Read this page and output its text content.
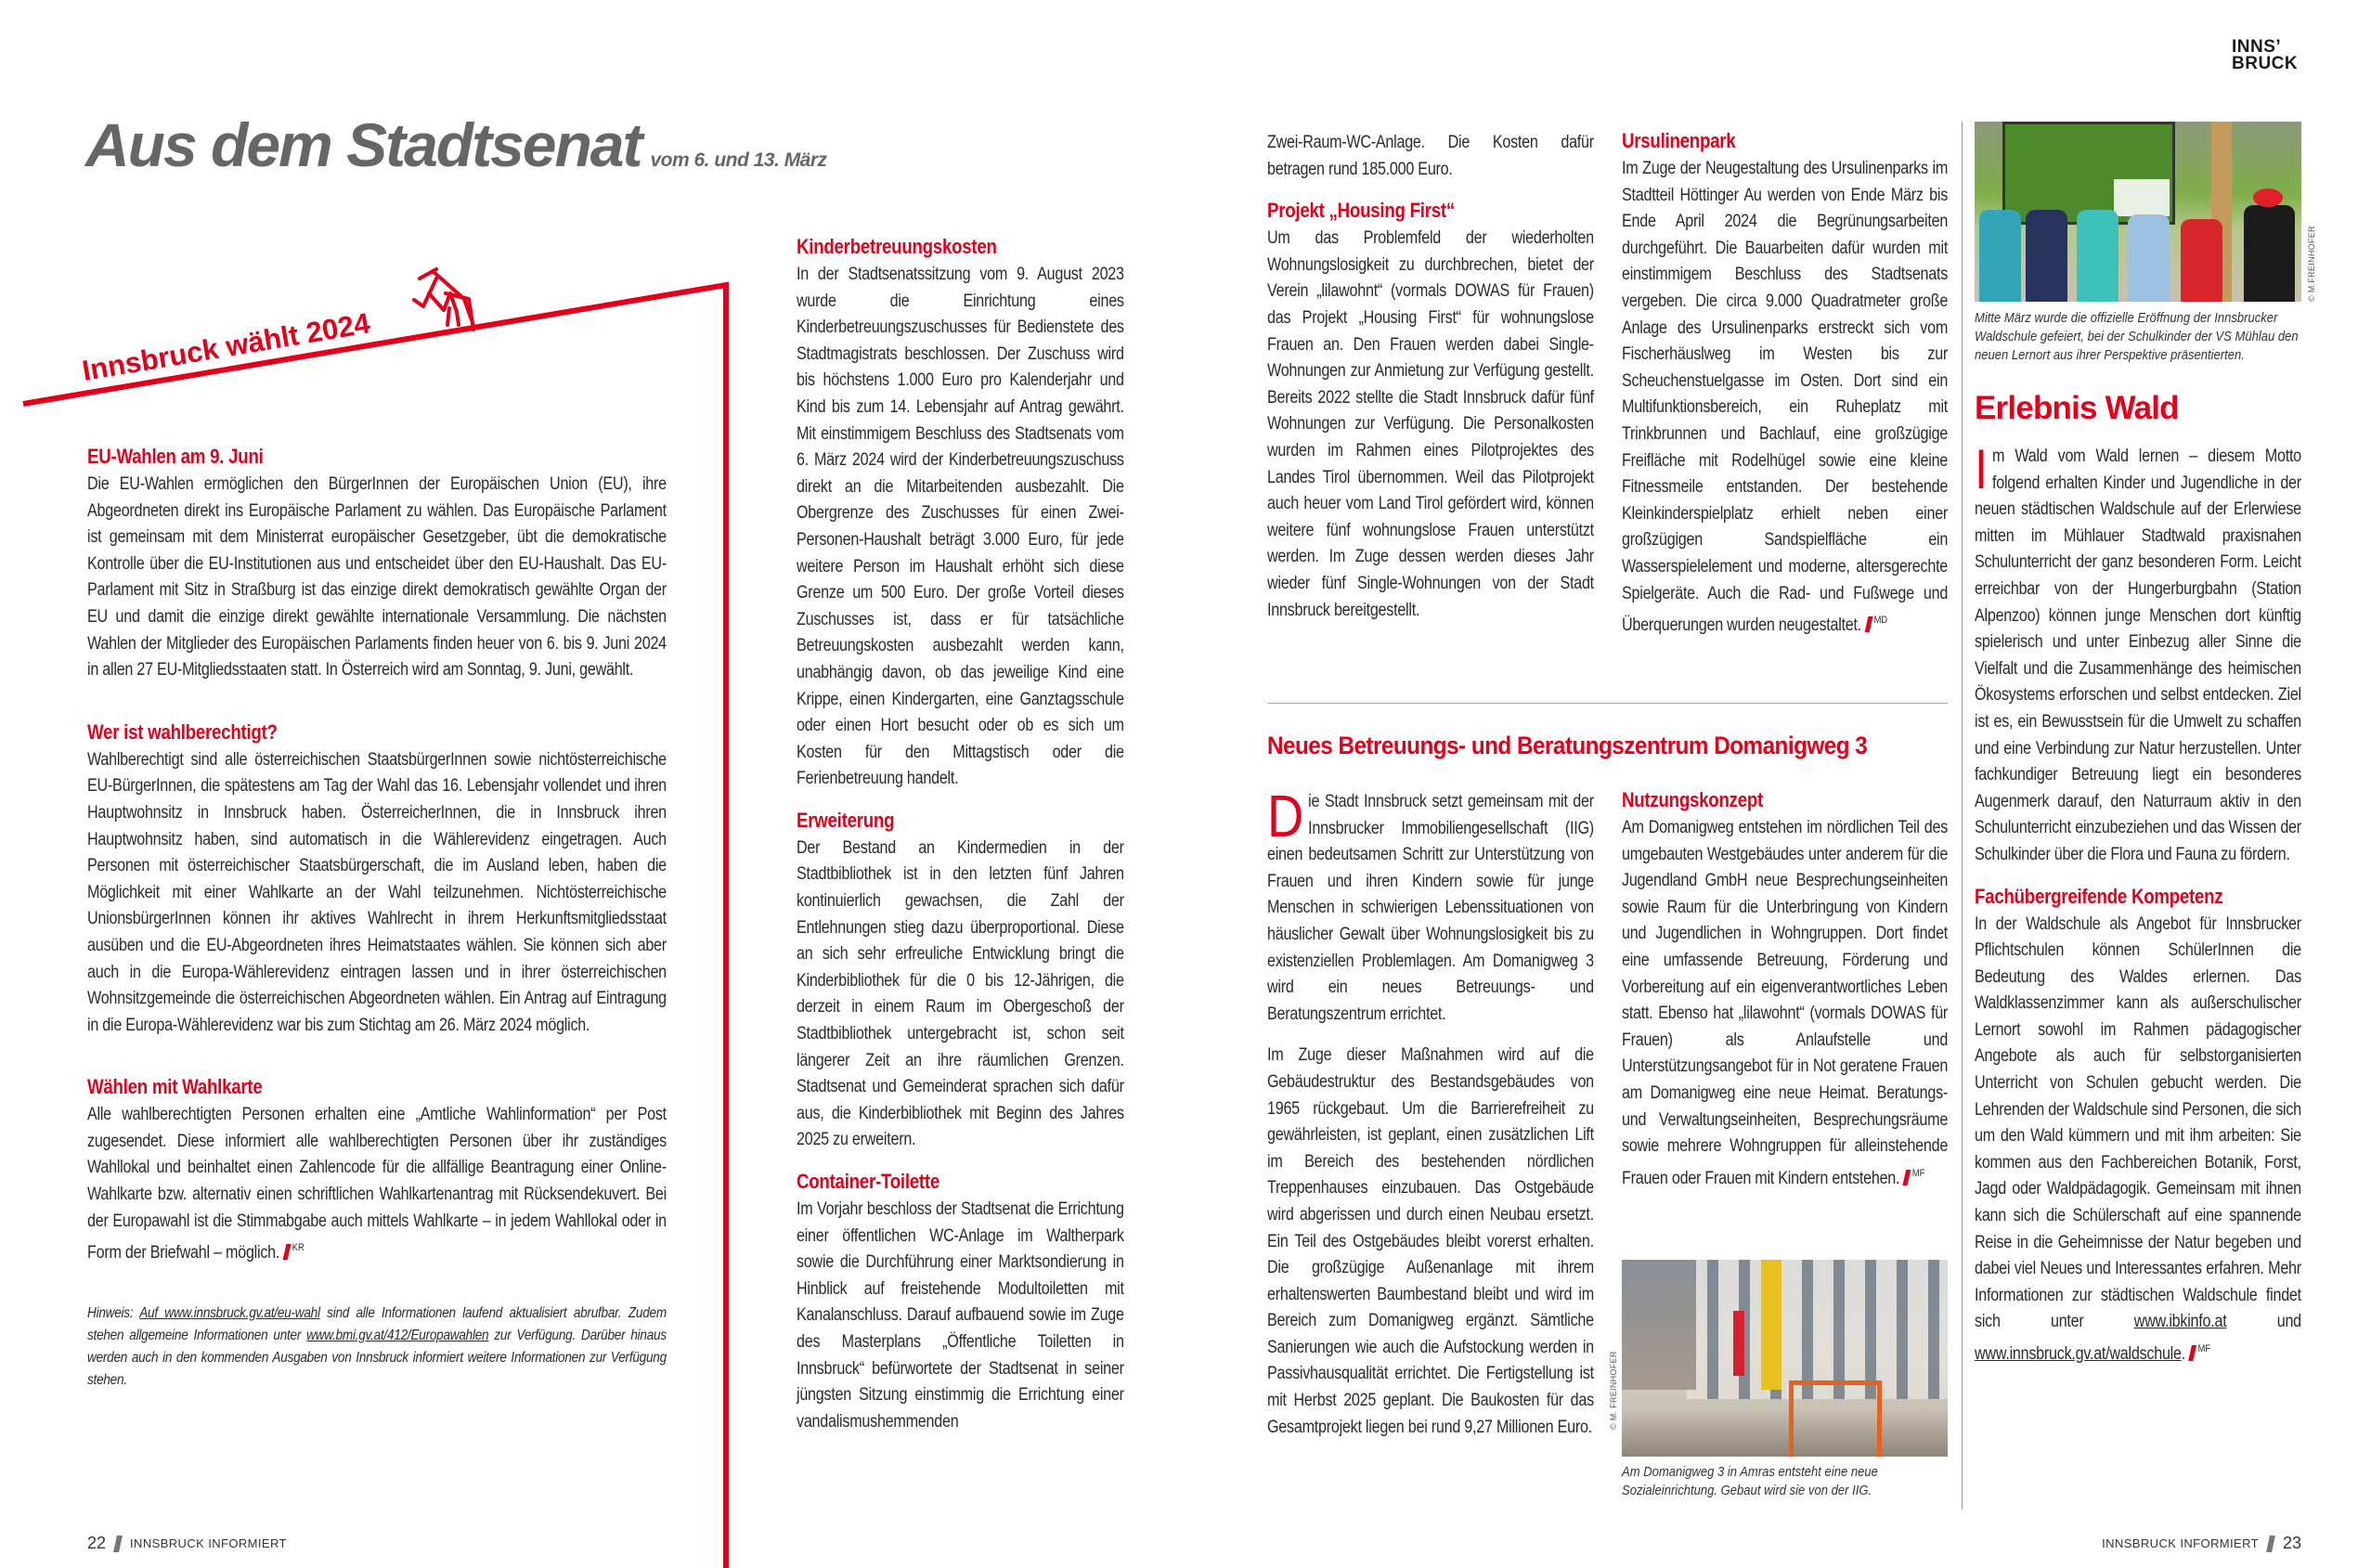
Aus dem Stadtsenat vom 6. und 13. März
INNS’
BRUCK
Innsbruck wählt 2024
EU-Wahlen am 9. Juni

Die EU-Wahlen ermöglichen den BürgerInnen der Europäischen Union (EU), ihre Abgeordneten direkt ins Europäische Parlament zu wählen. Das Europäische Parlament ist gemeinsam mit dem Ministerrat europäischer Gesetzgeber, übt die demokratische Kontrolle über die EU-Institutionen aus und entscheidet über den EU-Haushalt. Das EU-Parlament mit Sitz in Straßburg ist das einzige direkt demokratisch gewählte Organ der EU und damit die einzige direkt gewählte internationale Versammlung. Die nächsten Wahlen der Mitglieder des Europäischen Parlaments finden heuer von 6. bis 9. Juni 2024 in allen 27 EU-Mitgliedsstaaten statt. In Österreich wird am Sonntag, 9. Juni, gewählt.

Wer ist wahlberechtigt?

Wahlberechtigt sind alle österreichischen StaatsbürgerInnen sowie nichtösterreichische EU-BürgerInnen, die spätestens am Tag der Wahl das 16. Lebensjahr vollendet und ihren Hauptwohnsitz in Innsbruck haben. ÖsterreicherInnen, die in Innsbruck ihren Hauptwohnsitz haben, sind automatisch in die Wählerevidenz eingetragen. Auch Personen mit österreichischer Staatsbürgerschaft, die im Ausland leben, haben die Möglichkeit mit einer Wahlkarte an der Wahl teilzunehmen. Nichtösterreichische UnionsbürgerInnen können ihr aktives Wahlrecht in ihrem Herkunftsmitgliedsstaat ausüben und die EU-Abgeordneten ihres Heimatstaates wählen. Sie können sich aber auch in die Europa-Wählerevidenz eintragen lassen und in ihrer österreichischen Wohnsitzgemeinde die österreichischen Abgeordneten wählen. Ein Antrag auf Eintragung in die Europa-Wählerevidenz war bis zum Stichtag am 26. März 2024 möglich.

Wählen mit Wahlkarte

Alle wahlberechtigten Personen erhalten eine „Amtliche Wahlinformation“ per Post zugesendet. Diese informiert alle wahlberechtigten Personen über ihr zuständiges Wahllokal und beinhaltet einen Zahlencode für die allfällige Beantragung einer Online-Wahlkarte bzw. alternativ einen schriftlichen Wahlkartenantrag mit Rücksendekuvert. Bei der Europawahl ist die Stimmabgabe auch mittels Wahlkarte – in jedem Wahllokal oder in Form der Briefwahl – möglich. $^{KR}$

Hinweis: Auf www.innsbruck.gv.at/eu-wahl sind alle Informationen laufend aktualisiert abrufbar. Zudem stehen allgemeine Informationen unter www.bmi.gv.at/412/Europawahlen zur Verfügung. Darüber hinaus werden auch in den kommenden Ausgaben von Innsbruck informiert weitere Informationen zur Verfügung stehen.

Kinderbetreuungskosten

In der Stadtsenatssitzung vom 9. August 2023 wurde die Einrichtung eines Kinderbetreuungszuschusses für Bedienstete des Stadtmagistrats beschlossen. Der Zuschuss wird bis höchstens 1.000 Euro pro Kalenderjahr und Kind bis zum 14. Lebensjahr auf Antrag gewährt. Mit einstimmigem Beschluss des Stadtsenats vom 6. März 2024 wird der Kinderbetreuungszuschuss direkt an die Mitarbeitenden ausbezahlt. Die Obergrenze des Zuschusses für einen Zwei-Personen-Haushalt beträgt 3.000 Euro, für jede weitere Person im Haushalt erhöht sich diese Grenze um 500 Euro. Der große Vorteil dieses Zuschusses ist, dass er für tatsächliche Betreuungskosten ausbezahlt werden kann, unabhängig davon, ob das jeweilige Kind eine Krippe, einen Kindergarten, eine Ganztagsschule oder einen Hort besucht oder ob es sich um Kosten für den Mittagstisch oder die Ferienbetreuung handelt.

Erweiterung

Der Bestand an Kindermedien in der Stadtbibliothek ist in den letzten fünf Jahren kontinuierlich gewachsen, die Zahl der Entlehnungen stieg dazu überproportional. Diese an sich sehr erfreuliche Entwicklung bringt die Kinderbibliothek für die 0 bis 12-Jährigen, die derzeit in einem Raum im Obergeschoß der Stadtbibliothek untergebracht ist, schon seit längerer Zeit an ihre räumlichen Grenzen. Stadtsenat und Gemeinderat sprachen sich dafür aus, die Kinderbibliothek mit Beginn des Jahres 2025 zu erweitern.

Container-Toilette

Im Vorjahr beschloss der Stadtsenat die Errichtung einer öffentlichen WC-Anlage im Waltherpark sowie die Durchführung einer Marktsondierung in Hinblick auf freistehende Modultoiletten mit Kanalanschluss. Darauf aufbauend sowie im Zuge des Masterplans „Öffentliche Toiletten in Innsbruck“ befürwortete der Stadtsenat in seiner jüngsten Sitzung einstimmig die Errichtung einer vandalismushemmenden

Zwei-Raum-WC-Anlage. Die Kosten dafür betragen rund 185.000 Euro.

Projekt „Housing First“

Um das Problemfeld der wiederholten Wohnungslosigkeit zu durchbrechen, bietet der Verein „lilawohnt“ (vormals DOWAS für Frauen) das Projekt „Housing First“ für wohnungslose Frauen an. Den Frauen werden dabei Single-Wohnungen zur Anmietung zur Verfügung gestellt. Bereits 2022 stellte die Stadt Innsbruck dafür fünf Wohnungen zur Verfügung. Die Personalkosten wurden im Rahmen eines Pilotprojektes des Landes Tirol übernommen. Weil das Pilotprojekt auch heuer vom Land Tirol gefördert wird, können weitere fünf wohnungslose Frauen unterstützt werden. Im Zuge dessen werden dieses Jahr wieder fünf Single-Wohnungen von der Stadt Innsbruck bereitgestellt.

Ursulinenpark

Im Zuge der Neugestaltung des Ursulinenparks im Stadtteil Höttinger Au werden von Ende März bis Ende April 2024 die Begrünungsarbeiten durchgeführt. Die Bauarbeiten dafür wurden mit einstimmigem Beschluss des Stadtsenats vergeben. Die circa 9.000 Quadratmeter große Anlage des Ursulinenparks erstreckt sich vom Fischerhäuslweg im Westen bis zur Scheuchenstuelgasse im Osten. Dort sind ein Multifunktionsbereich, ein Ruheplatz mit Trinkbrunnen und Bachlauf, eine großzügige Freifläche mit Rodelhügel sowie eine kleine Fitnessmeile entstanden. Der bestehende Kleinkinderspielplatz erhielt neben einer großzügigen Sandspielfläche ein Wasserspielelement und moderne, altersgerechte Spielgeräte. Auch die Rad- und Fußwege und Überquerungen wurden neugestaltet. $^{MD}$

Neues Betreuungs- und Beratungszentrum Domanigweg 3

Die Stadt Innsbruck setzt gemeinsam mit der Innsbrucker Immobiliengesellschaft (IIG) einen bedeutsamen Schritt zur Unterstützung von Frauen und ihren Kindern sowie für junge Menschen in schwierigen Lebenssituationen von häuslicher Gewalt über Wohnungslosigkeit bis zu existenziellen Problemlagen. Am Domanigweg 3 wird ein neues Betreuungs- und Beratungszentrum errichtet.

Im Zuge dieser Maßnahmen wird auf die Gebäudestruktur des Bestandsgebäudes von 1965 rückgebaut. Um die Barrierefreiheit zu gewährleisten, ist geplant, einen zusätzlichen Lift im Bereich des bestehenden nördlichen Treppenhauses einzubauen. Das Ostgebäude wird abgerissen und durch einen Neubau ersetzt. Ein Teil des Ostgebäudes bleibt vorerst erhalten. Die großzügige Außenanlage mit ihrem erhaltenswerten Baumbestand bleibt und wird im Bereich zum Domanigweg ergänzt. Sämtliche Sanierungen wie auch die Aufstockung werden in Passivhausqualität errichtet. Die Fertigstellung ist mit Herbst 2025 geplant. Die Baukosten für das Gesamtprojekt liegen bei rund 9,27 Millionen Euro.

Nutzungskonzept

Am Domanigweg entstehen im nördlichen Teil des umgebauten Westgebäudes unter anderem für die Jugendland GmbH neue Besprechungseinheiten sowie Raum für die Unterbringung von Kindern und Jugendlichen in Wohngruppen. Dort findet eine umfassende Betreuung, Förderung und Vorbereitung auf ein eigenverantwortliches Leben statt. Ebenso hat „lilawohnt“ (vormals DOWAS für Frauen) als Anlaufstelle und Unterstützungsangebot für in Not geratene Frauen am Domanigweg eine neue Heimat. Beratungs- und Verwaltungseinheiten, Besprechungsräume sowie mehrere Wohngruppen für alleinstehende Frauen oder Frauen mit Kindern entstehen. $^{MF}$

© M. FREINHOFER
Am Domanigweg 3 in Amras entsteht eine neue Sozialeinrichtung. Gebaut wird sie von der IIG.
© M.FREINHOFER
Mitte März wurde die offizielle Eröffnung der Innsbrucker Waldschule gefeiert, bei der Schulkinder der VS Mühlau den neuen Lernort aus ihrer Perspektive präsentierten.
Erlebnis Wald

Im Wald vom Wald lernen – diesem Motto folgend erhalten Kinder und Jugendliche in der neuen städtischen Waldschule auf der Erlerwiese mitten im Mühlauer Stadtwald praxisnahen Schulunterricht der ganz besonderen Form. Leicht erreichbar von der Hungerburgbahn (Station Alpenzoo) können junge Menschen dort künftig spielerisch und unter Einbezug aller Sinne die Vielfalt und die Zusammenhänge des heimischen Ökosystems erforschen und selbst entdecken. Ziel ist es, ein Bewusstsein für die Umwelt zu schaffen und eine Verbindung zur Natur herzustellen. Unter fachkundiger Betreuung liegt ein besonderes Augenmerk darauf, den Naturraum aktiv in den Schulunterricht einzubeziehen und das Wissen der Schulkinder über die Flora und Fauna zu fördern.

Fachübergreifende Kompetenz

In der Waldschule als Angebot für Innsbrucker Pflichtschulen können SchülerInnen die Bedeutung des Waldes erlernen. Das Waldklassenzimmer kann als außerschulischer Lernort sowohl im Rahmen pädagogischer Angebote als auch für selbstorganisierten Unterricht von Schulen gebucht werden. Die Lehrenden der Waldschule sind Personen, die sich um den Wald kümmern und mit ihm arbeiten: Sie kommen aus den Fachbereichen Botanik, Forst, Jagd oder Waldpädagogik. Gemeinsam mit ihnen kann sich die Schülerschaft auf eine spannende Reise in die Geheimnisse der Natur begeben und dabei viel Neues und Interessantes erfahren. Mehr Informationen zur städtischen Waldschule findet sich unter www.ibkinfo.at und www.innsbruck.gv.at/waldschule. $^{MF}$

22 INNSBRUCK INFORMIERT	INNSBRUCK INFORMIERT 23
